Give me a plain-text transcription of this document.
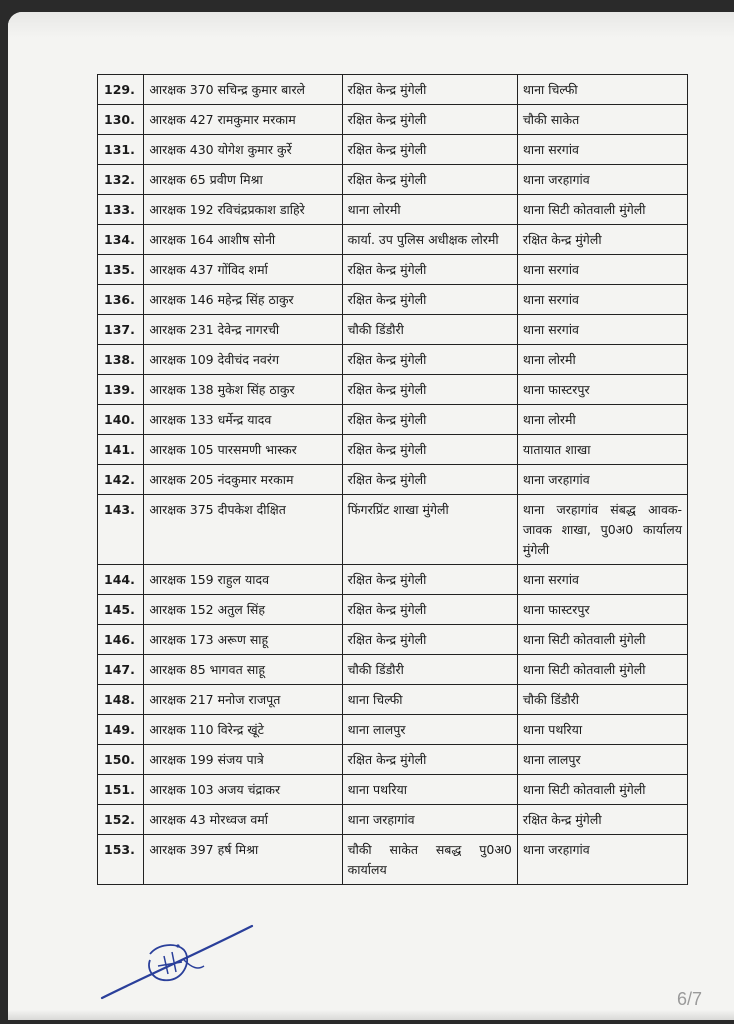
129.	आरक्षक 370 सचिन्द्र कुमार बारले	रक्षित केन्द्र मुंगेली	थाना चिल्फी
130.	आरक्षक 427 रामकुमार मरकाम	रक्षित केन्द्र मुंगेली	चौकी साकेत
131.	आरक्षक 430 योगेश कुमार कुर्रे	रक्षित केन्द्र मुंगेली	थाना सरगांव
132.	आरक्षक 65 प्रवीण मिश्रा	रक्षित केन्द्र मुंगेली	थाना जरहागांव
133.	आरक्षक 192 रविचंद्रप्रकाश डाहिरे	थाना लोरमी	थाना सिटी कोतवाली मुंगेली
134.	आरक्षक 164 आशीष सोनी	कार्या. उप पुलिस अधीक्षक लोरमी	रक्षित केन्द्र मुंगेली
135.	आरक्षक 437 गोंविद शर्मा	रक्षित केन्द्र मुंगेली	थाना सरगांव
136.	आरक्षक 146 महेन्द्र सिंह ठाकुर	रक्षित केन्द्र मुंगेली	थाना सरगांव
137.	आरक्षक 231 देवेन्द्र नागरची	चौकी डिंडौरी	थाना सरगांव
138.	आरक्षक 109 देवीचंद नवरंग	रक्षित केन्द्र मुंगेली	थाना लोरमी
139.	आरक्षक 138 मुकेश सिंह ठाकुर	रक्षित केन्द्र मुंगेली	थाना फास्टरपुर
140.	आरक्षक 133 धर्मेन्द्र यादव	रक्षित केन्द्र मुंगेली	थाना लोरमी
141.	आरक्षक 105 पारसमणी भास्कर	रक्षित केन्द्र मुंगेली	यातायात शाखा
142.	आरक्षक 205 नंदकुमार मरकाम	रक्षित केन्द्र मुंगेली	थाना जरहागांव
143.	आरक्षक 375 दीपकेश दीक्षित	फिंगरप्रिंट शाखा मुंगेली	थाना जरहागांव संबद्ध आवक-जावक शाखा, पु0अ0 कार्यालय मुंगेली
144.	आरक्षक 159 राहुल यादव	रक्षित केन्द्र मुंगेली	थाना सरगांव
145.	आरक्षक 152 अतुल सिंह	रक्षित केन्द्र मुंगेली	थाना फास्टरपुर
146.	आरक्षक 173 अरूण साहू	रक्षित केन्द्र मुंगेली	थाना सिटी कोतवाली मुंगेली
147.	आरक्षक 85 भागवत साहू	चौकी डिंडौरी	थाना सिटी कोतवाली मुंगेली
148.	आरक्षक 217 मनोज राजपूत	थाना चिल्फी	चौकी डिंडौरी
149.	आरक्षक 110 विरेन्द्र खूंटे	थाना लालपुर	थाना पथरिया
150.	आरक्षक 199 संजय पात्रे	रक्षित केन्द्र मुंगेली	थाना लालपुर
151.	आरक्षक 103 अजय चंद्राकर	थाना पथरिया	थाना सिटी कोतवाली मुंगेली
152.	आरक्षक 43 मोरध्वज वर्मा	थाना जरहागांव	रक्षित केन्द्र मुंगेली
153.	आरक्षक 397 हर्ष मिश्रा	चौकी साकेत सबद्ध पु0अ0 कार्यालय	थाना जरहागांव
6/7
